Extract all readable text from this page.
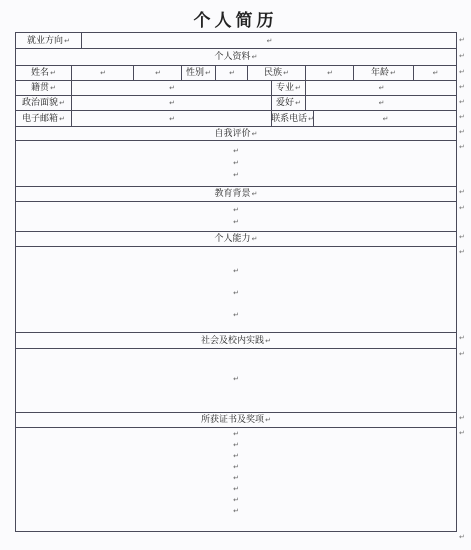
个人简历
就业方向 ↵	↵
个人资料 ↵
姓名 ↵	↵	↵	性别 ↵	↵	民族 ↵	↵	年龄 ↵	↵
籍贯 ↵	↵	专业 ↵	↵
政治面貌 ↵	↵	爱好 ↵	↵
电子邮箱 ↵	↵	联系电话 ↵	↵
自我评价 ↵
↵
↵
↵
教育背景 ↵
↵
↵
个人能力 ↵
↵
↵
↵
社会及校内实践 ↵
↵
所获证书及奖项 ↵
↵
↵
↵
↵
↵
↵
↵
↵
↵
↵
↵
↵
↵
↵
↵
↵
↵
↵
↵
↵
↵
↵
↵
↵
↵
